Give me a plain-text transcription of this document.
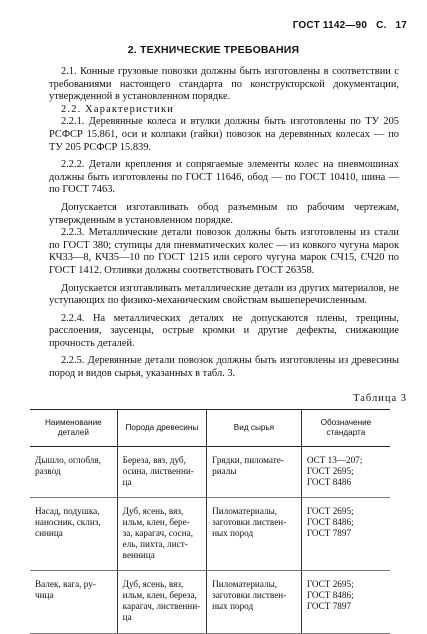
ГОСТ 1142—90 С. 17
2. ТЕХНИЧЕСКИЕ ТРЕБОВАНИЯ

2.1. Конные грузовые повозки должны быть изготовлены в соответствии с требованиями настоящего стандарта по конструкторской документации, утвержденной в установленном порядке.

2.2. Характеристики

2.2.1. Деревянные колеса и втулки должны быть изготовлены по ТУ 205 РСФСР 15.861, оси и колпаки (гайки) повозок на деревянных колесах — по ТУ 205 РСФСР 15.839.

2.2.2. Детали крепления и сопрягаемые элементы колес на пневмошинах должны быть изготовлены по ГОСТ 11646, обод — по ГОСТ 10410, шина — по ГОСТ 7463.

Допускается изготавливать обод разъемным по рабочим чертежам, утвержденным в установленном порядке.

2.2.3. Металлические детали повозок должны быть изготовлены из стали по ГОСТ 380; ступицы для пневматических колес — из ковкого чугуна марок КЧ33—8, КЧ35—10 по ГОСТ 1215 или серого чугуна марок СЧ15, СЧ20 по ГОСТ 1412. Отливки должны соответствовать ГОСТ 26358.

Допускается изготавливать металлические детали из других материалов, не уступающих по физико-механическим свойствам вышеперечисленным.

2.2.4. На металлических деталях не допускаются плены, трещины, расслоения, заусенцы, острые кромки и другие дефекты, снижающие прочность деталей.

2.2.5. Деревянные детали повозок должны быть изготовлены из древесины пород и видов сырья, указанных в табл. 3.

Таблица 3
Наименование деталей	Порода древесины	Вид сырья	Обозначение стандарта

Дышло, оглобля,
развод	Береза, вяз, дуб,
осина, лиственни-
ца	Грядки, пиломате-
риалы	ОСТ 13—207;
ГОСТ 2695;
ГОСТ 8486

Насад, подушка,
наносник, склиз,
синица	Дуб, ясень, вяз,
ильм, клен, бере-
за, карагач, сосна,
ель, пихта, лист-
венница	Пиломатериалы,
заготовки листвен-
ных пород	ГОСТ 2695;
ГОСТ 8486;
ГОСТ 7897

Валек, вага, ру-
чица	Дуб, ясень, вяз,
ильм, клен, береза,
карагач, лиственни-
ца	Пиломатериалы,
заготовки листвен-
ных пород	ГОСТ 2695;
ГОСТ 8486;
ГОСТ 7897
